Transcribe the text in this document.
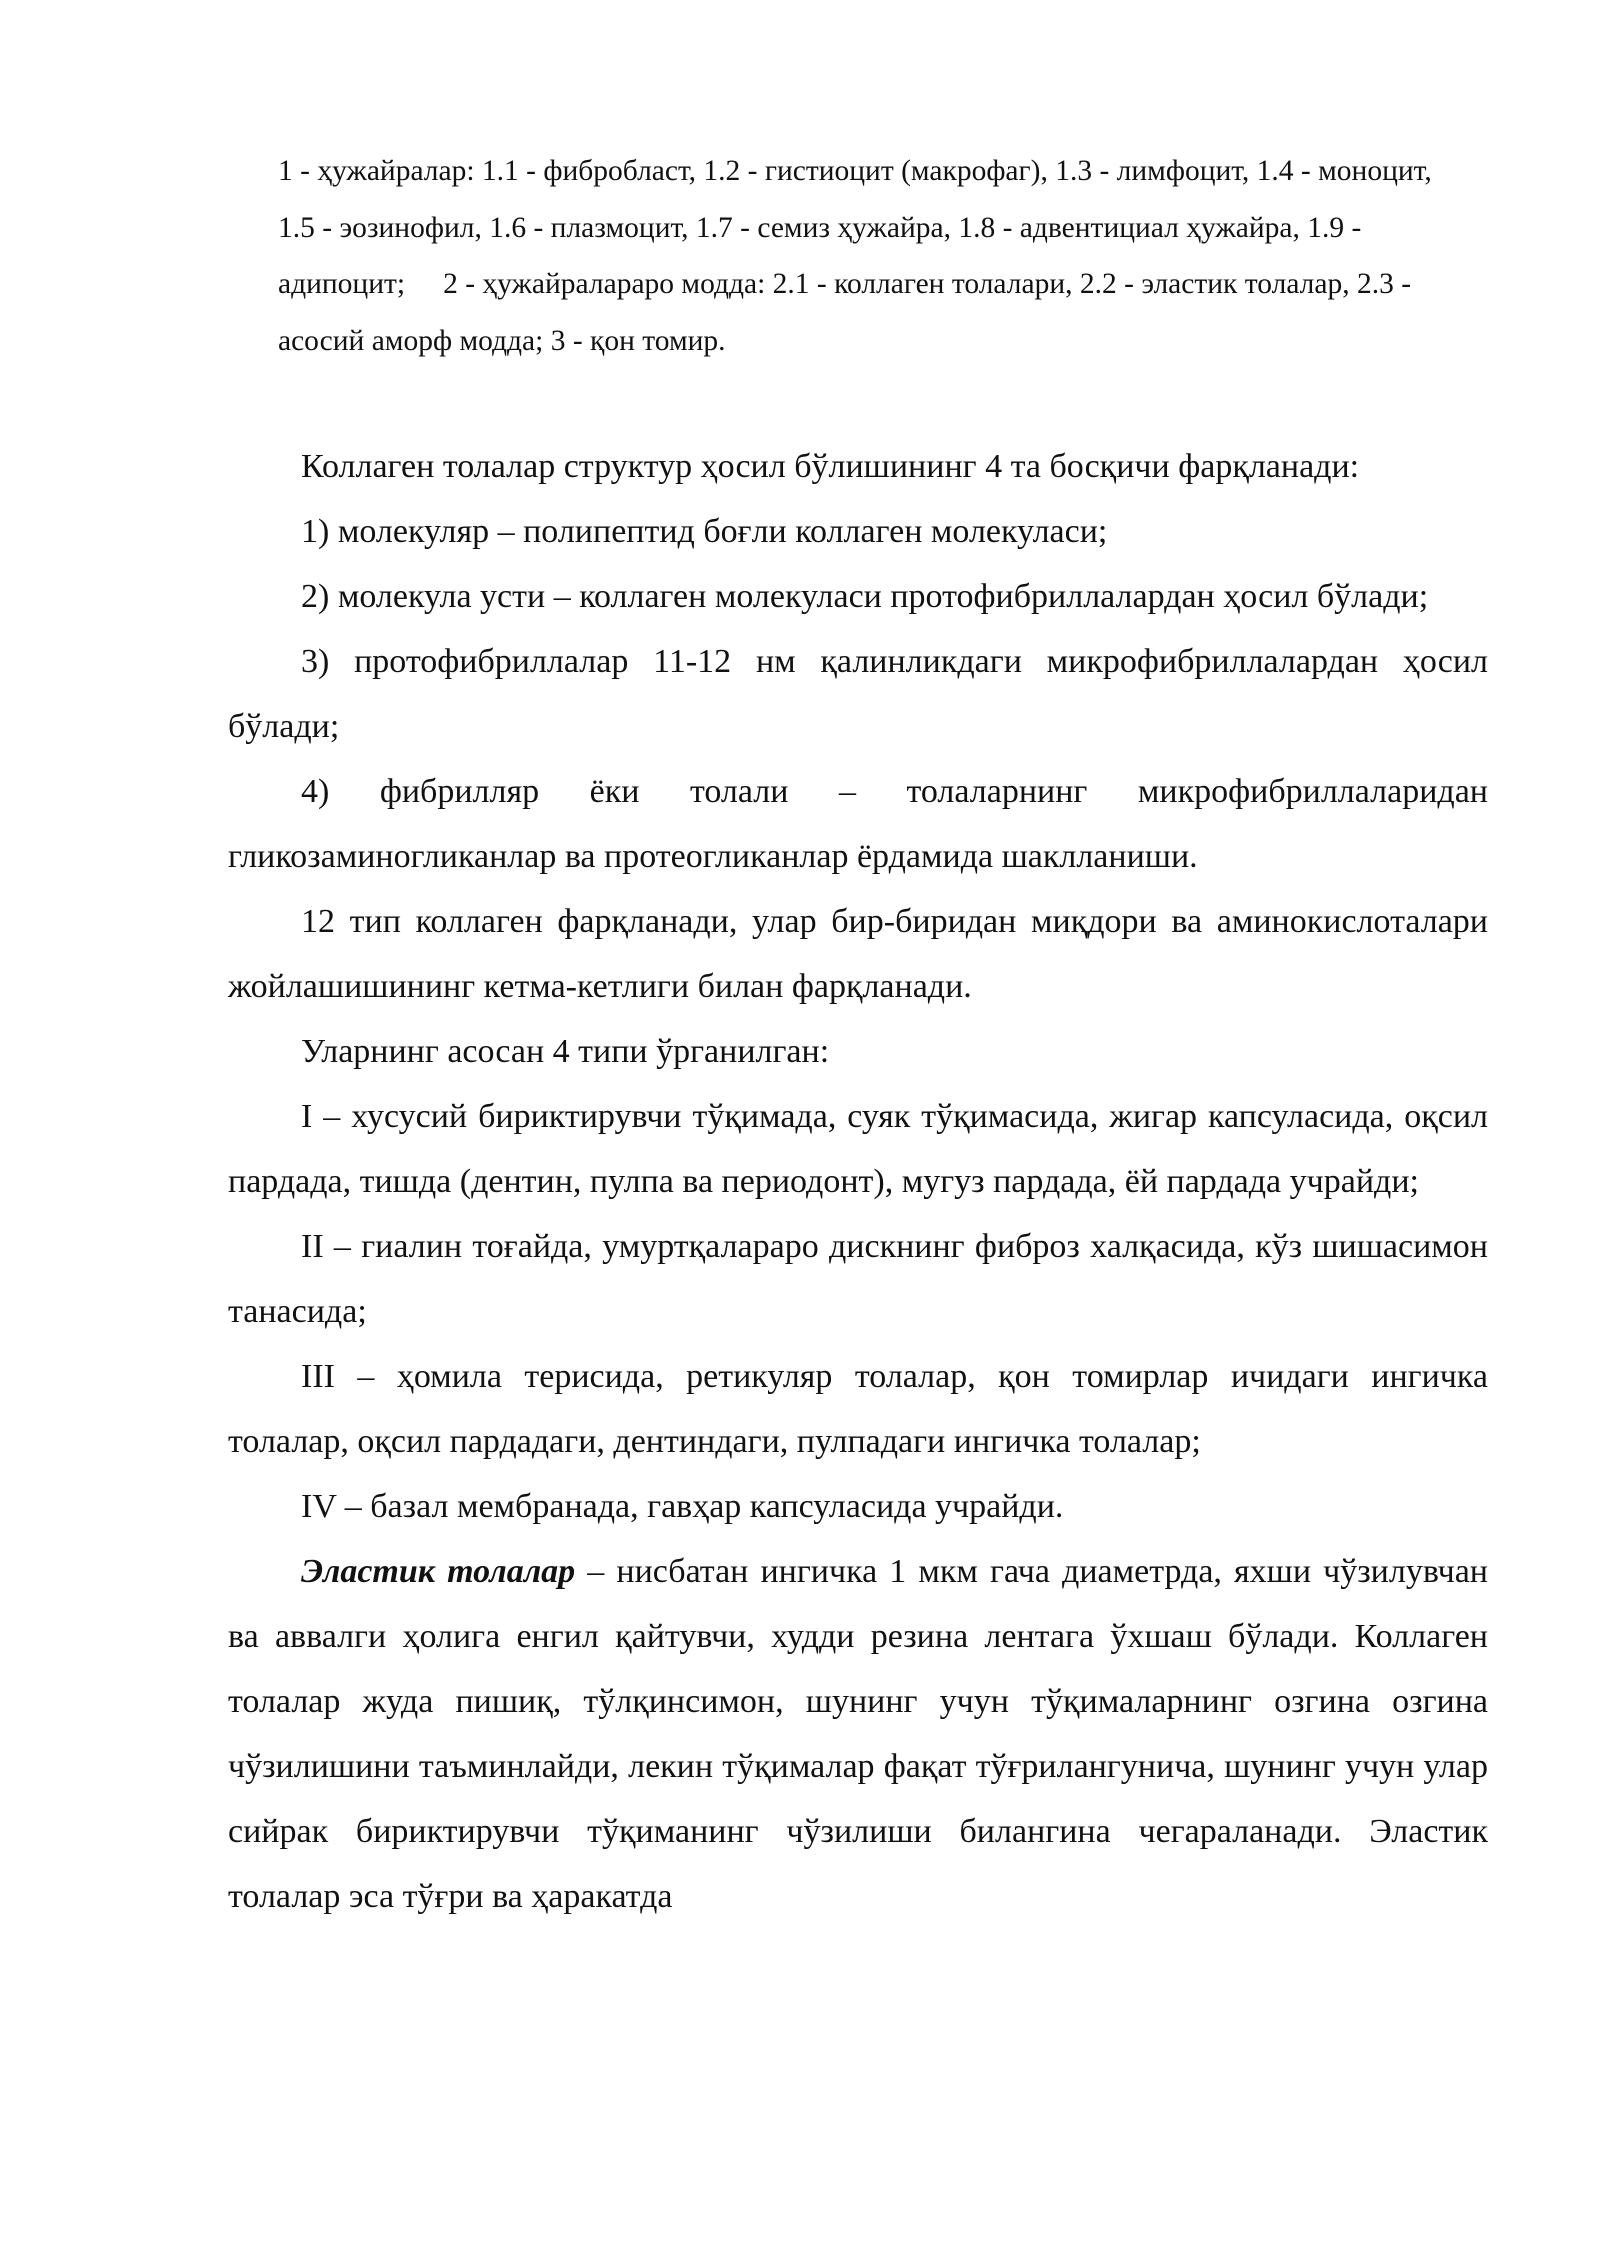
1 - ҳужайралар: 1.1 - фибробласт, 1.2 - гистиоцит (макрофаг), 1.3 - лимфоцит, 1.4 - моноцит, 1.5 - эозинофил, 1.6 - плазмоцит, 1.7 - семиз ҳужайра, 1.8 - адвентициал ҳужайра, 1.9 - адипоцит; 2 - ҳужайралараро модда: 2.1 - коллаген толалари, 2.2 - эластик толалар, 2.3 - асосий аморф модда; 3 - қон томир.

Коллаген толалар структур ҳосил бўлишининг 4 та босқичи фарқланади:

1) молекуляр – полипептид боғли коллаген молекуласи;

2) молекула усти – коллаген молекуласи протофибриллалардан ҳосил бўлади;

3) протофибриллалар 11-12 нм қалинликдаги микрофибриллалардан ҳосил бўлади;

4) фибрилляр ёки толали – толаларнинг микрофибриллаларидан гликозаминогликанлар ва протеогликанлар ёрдамида шаклланиши.

12 тип коллаген фарқланади, улар бир-биридан миқдори ва аминокислоталари жойлашишининг кетма-кетлиги билан фарқланади.

Уларнинг асосан 4 типи ўрганилган:

I – хусусий бириктирувчи тўқимада, суяк тўқимасида, жигар капсуласида, оқсил пардада, тишда (дентин, пулпа ва периодонт), мугуз пардада, ёй пардада учрайди;

II – гиалин тоғайда, умуртқалараро дискнинг фиброз халқасида, кўз шишасимон танасида;

III – ҳомила терисида, ретикуляр толалар, қон томирлар ичидаги ингичка толалар, оқсил пардадаги, дентиндаги, пулпадаги ингичка толалар;

IV – базал мембранада, гавҳар капсуласида учрайди.

Эластик толалар – нисбатан ингичка 1 мкм гача диаметрда, яхши чўзилувчан ва аввалги ҳолига енгил қайтувчи, худди резина лентага ўхшаш бўлади. Коллаген толалар жуда пишиқ, тўлқинсимон, шунинг учун тўқималарнинг озгина озгина чўзилишини таъминлайди, лекин тўқималар фақат тўғрилангунича, шунинг учун улар сийрак бириктирувчи тўқиманинг чўзилиши билангина чегараланади. Эластик толалар эса тўғри ва ҳаракатда
